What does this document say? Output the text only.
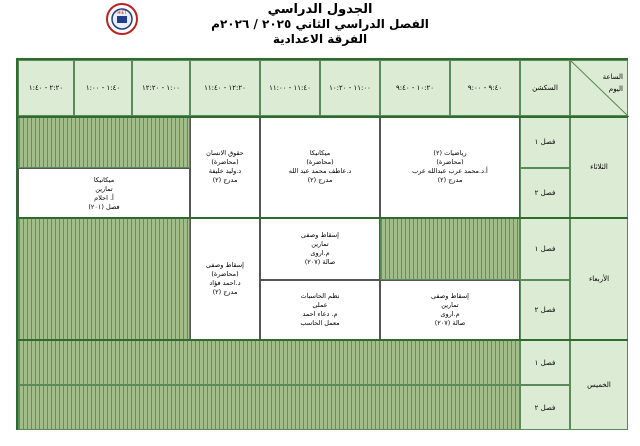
الجدول الدراسي
الفصل الدراسي الثاني ٢٠٢٥ / ٢٠٢٦م
الفرقة الاعدادية
HIET
الساعة
اليوم
السكشن
٩:٤٠ - ٩:٠٠
١٠:٢٠ - ٩:٤٠
١١:٠٠ - ١٠:٢٠
١١:٤٠ - ١١:٠٠
١٢:٢٠ - ١١:٤٠
١:٠٠ - ١٢:٢٠
١:٤٠ - ١:٠٠
٢:٢٠ - ١:٤٠
الثلاثاء
الأربعاء
الخميس
فصل ١
فصل ٢
فصل ١
فصل ٢
فصل ١
فصل ٢
ميكانيكا
تمارين
أ. احلام
فصل (٢٠١)
حقوق الانسان
(محاضرة)
د.وليد خليفة
مدرج (٢)
ميكانيكا
(محاضرة)
د.عاطف محمد عبد الله
مدرج (٢)
رياضيات (٢)
(محاضرة)
أ.د.محمد عرب عبدالله عرب
مدرج (٢)
إسقاط وصفى
(محاضرة)
د.احمد فؤاد
مدرج (٢)
إسقاط وصفى
تمارين
م.اروى
صالة (٢٠٧)
نظم الحاسبات
عملى
م. دعاء احمد
معمل الحاسب
إسقاط وصفى
تمارين
م.اروى
صالة (٢٠٧)
